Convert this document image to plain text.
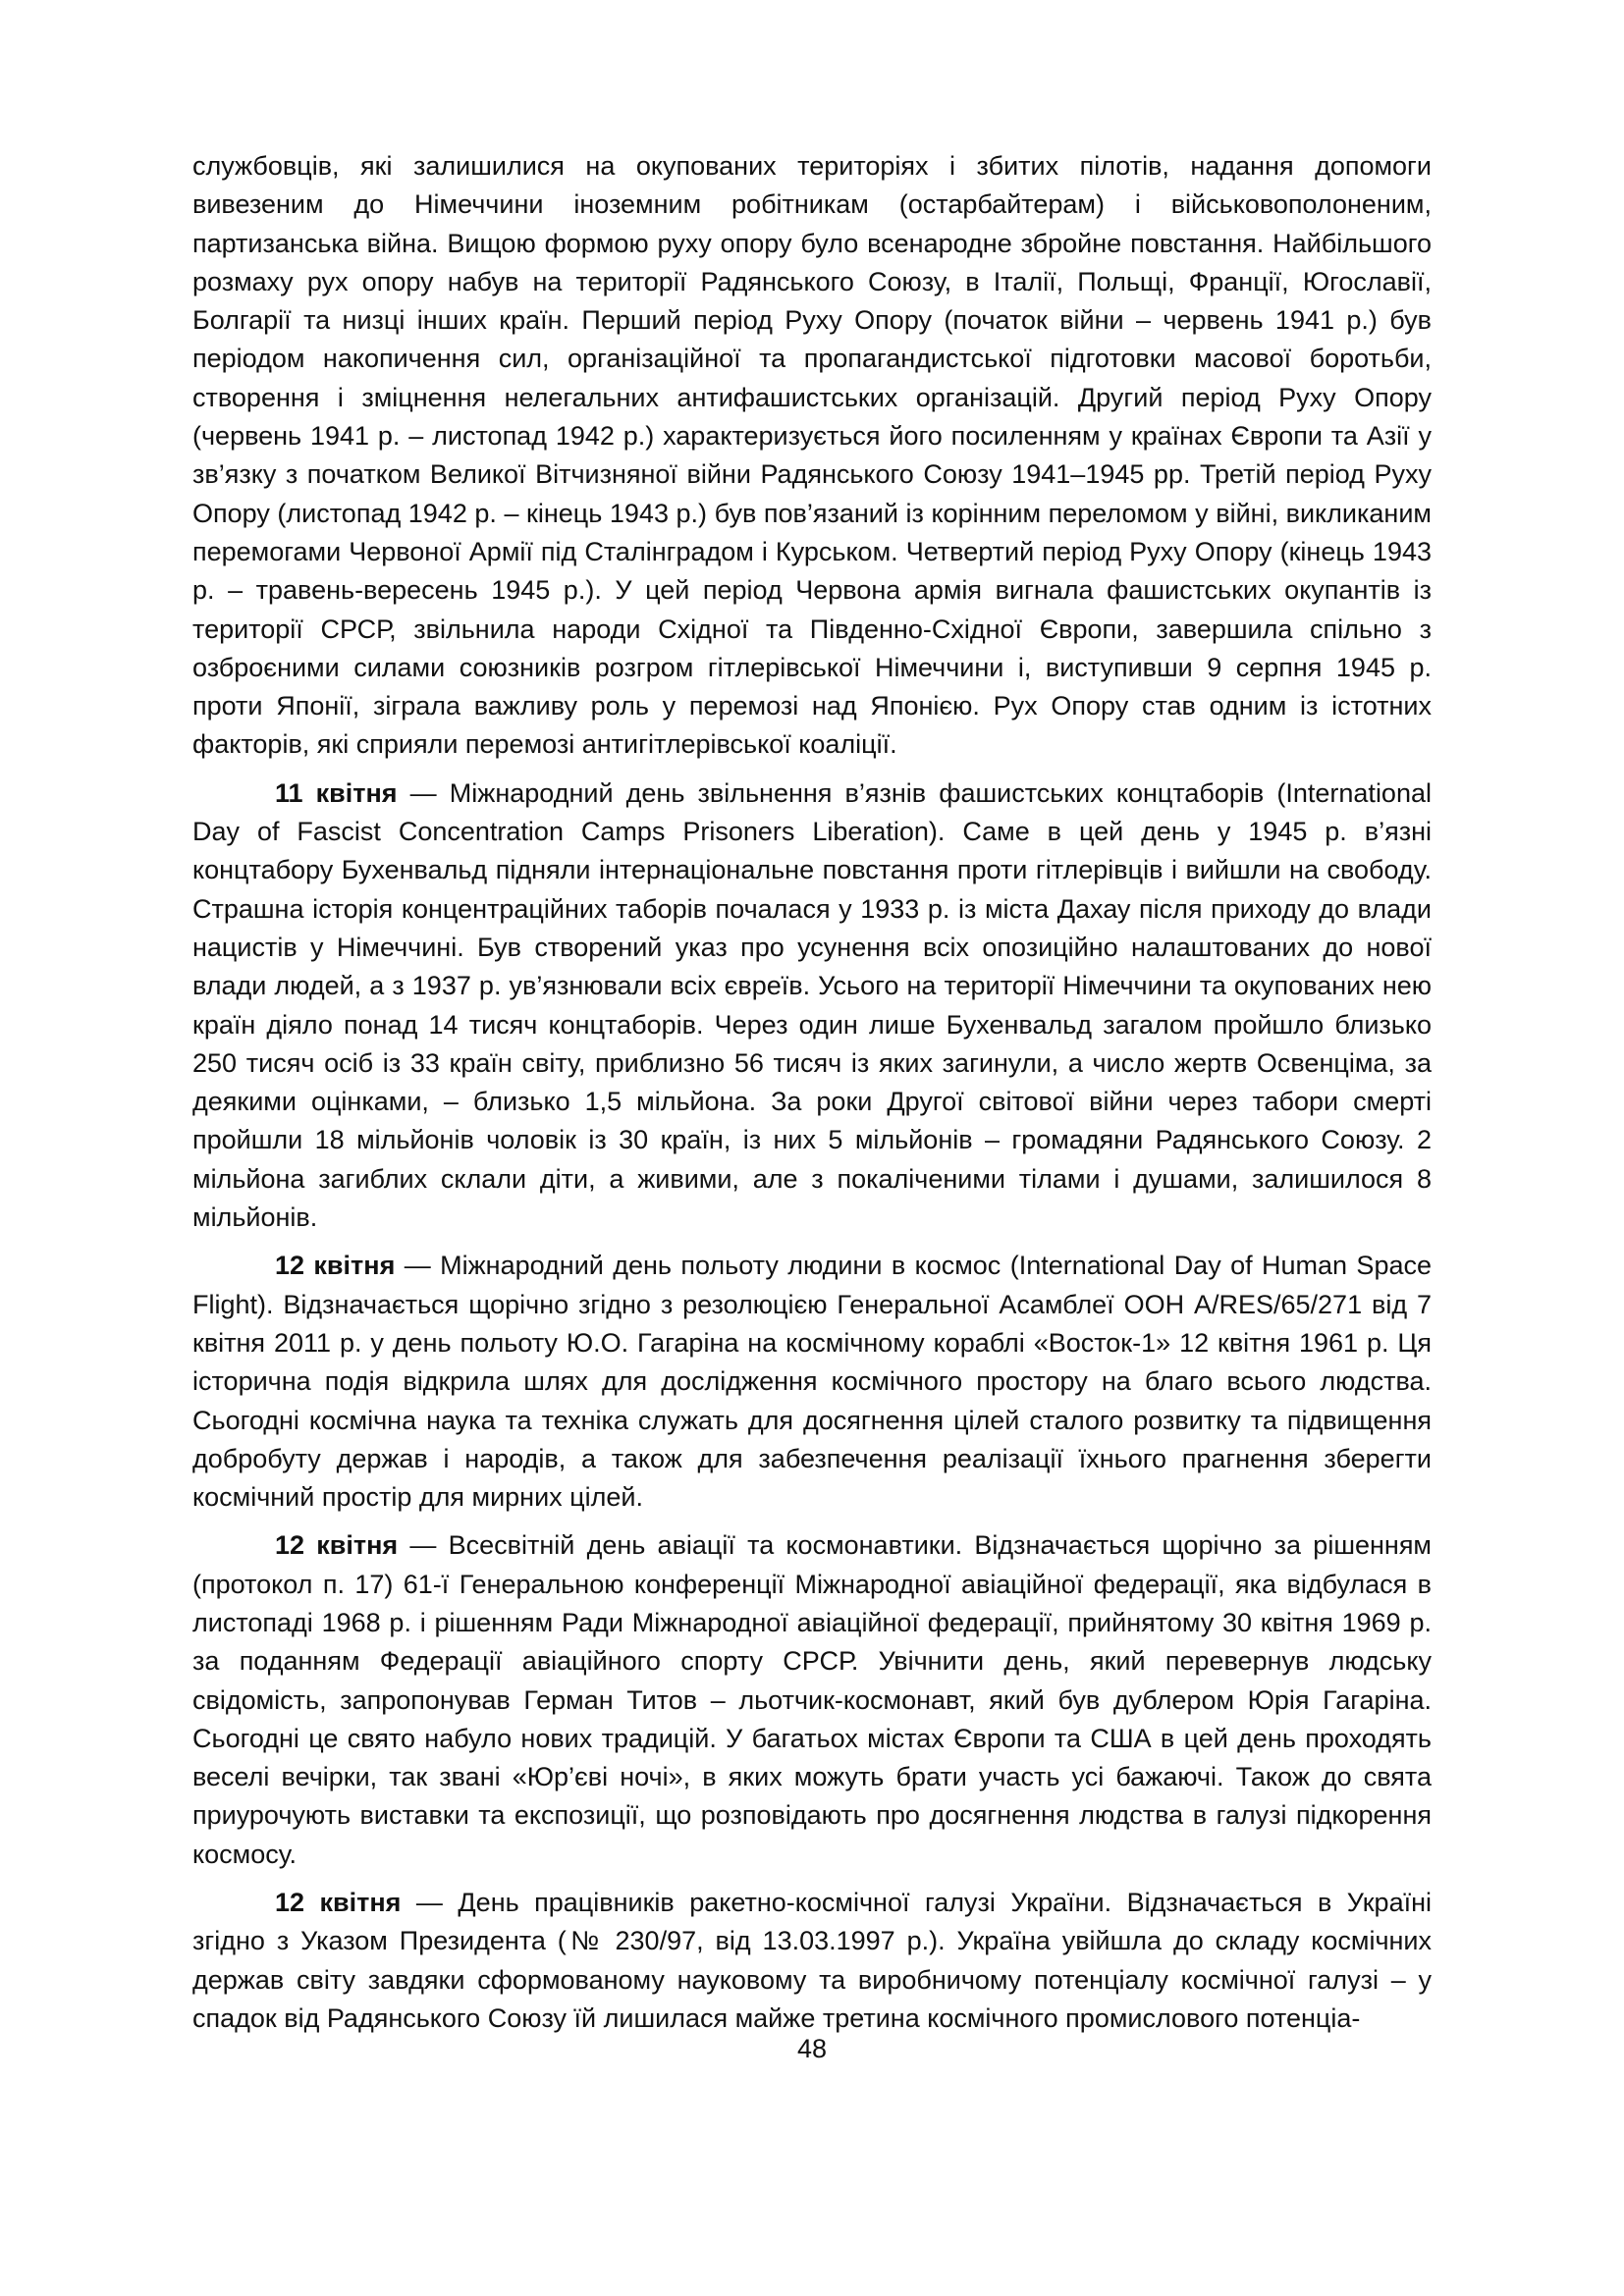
службовців, які залишилися на окупованих територіях і збитих пілотів, надання допомоги вивезеним до Німеччини іноземним робітникам (остарбайтерам) і військовополоненим, партизанська війна. Вищою формою руху опору було всенародне збройне повстання. Найбільшого розмаху рух опору набув на території Радянського Союзу, в Італії, Польщі, Франції, Югославії, Болгарії та низці інших країн. Перший період Руху Опору (початок війни – червень 1941 р.) був періодом накопичення сил, організаційної та пропагандистської підготовки масової боротьби, створення і зміцнення нелегальних антифашистських організацій. Другий період Руху Опору (червень 1941 р. – листопад 1942 р.) характеризується його посиленням у країнах Європи та Азії у зв’язку з початком Великої Вітчизняної війни Радянського Союзу 1941–1945 рр. Третій період Руху Опору (листопад 1942 р. – кінець 1943 р.) був пов’язаний із корінним переломом у війні, викликаним перемогами Червоної Армії під Сталінградом і Курськом. Четвертий період Руху Опору (кінець 1943 р. – травень-вересень 1945 р.). У цей період Червона армія вигнала фашистських окупантів із території СРСР, звільнила народи Східної та Південно-Східної Європи, завершила спільно з озброєними силами союзників розгром гітлерівської Німеччини і, виступивши 9 серпня 1945 р. проти Японії, зіграла важливу роль у перемозі над Японією. Рух Опору став одним із істотних факторів, які сприяли перемозі антигітлерівської коаліції.

11 квітня — Міжнародний день звільнення в’язнів фашистських концтаборів (International Day of Fascist Concentration Camps Prisoners Liberation). Саме в цей день у 1945 р. в’язні концтабору Бухенвальд підняли інтернаціональне повстання проти гітлерівців і вийшли на свободу. Страшна історія концентраційних таборів почалася у 1933 р. із міста Дахау після приходу до влади нацистів у Німеччині. Був створений указ про усунення всіх опозиційно налаштованих до нової влади людей, а з 1937 р. ув’язнювали всіх євреїв. Усього на території Німеччини та окупованих нею країн діяло понад 14 тисяч концтаборів. Через один лише Бухенвальд загалом пройшло близько 250 тисяч осіб із 33 країн світу, приблизно 56 тисяч із яких загинули, а число жертв Освенціма, за деякими оцінками, – близько 1,5 мільйона. За роки Другої світової війни через табори смерті пройшли 18 мільйонів чоловік із 30 країн, із них 5 мільйонів – громадяни Радянського Союзу. 2 мільйона загиблих склали діти, а живими, але з покаліченими тілами і душами, залишилося 8 мільйонів.

12 квітня — Міжнародний день польоту людини в космос (International Day of Human Space Flight). Відзначається щорічно згідно з резолюцією Генеральної Асамблеї ООН A/RES/65/271 від 7 квітня 2011 р. у день польоту Ю.О. Гагаріна на космічному кораблі «Восток-1» 12 квітня 1961 р. Ця історична подія відкрила шлях для дослідження космічного простору на благо всього людства. Сьогодні космічна наука та техніка служать для досягнення цілей сталого розвитку та підвищення добробуту держав і народів, а також для забезпечення реалізації їхнього прагнення зберегти космічний простір для мирних цілей.

12 квітня — Всесвітній день авіації та космонавтики. Відзначається щорічно за рішенням (протокол п. 17) 61-ї Генеральною конференції Міжнародної авіаційної федерації, яка відбулася в листопаді 1968 р. і рішенням Ради Міжнародної авіаційної федерації, прийнятому 30 квітня 1969 р. за поданням Федерації авіаційного спорту СРСР. Увічнити день, який перевернув людську свідомість, запропонував Герман Титов – льотчик-космонавт, який був дублером Юрія Гагаріна. Сьогодні це свято набуло нових традицій. У багатьох містах Європи та США в цей день проходять веселі вечірки, так звані «Юр’єві ночі», в яких можуть брати участь усі бажаючі. Також до свята приурочують виставки та експозиції, що розповідають про досягнення людства в галузі підкорення космосу.

12 квітня — День працівників ракетно-космічної галузі України. Відзначається в Україні згідно з Указом Президента (№ 230/97, від 13.03.1997 р.). Україна увійшла до складу космічних держав світу завдяки сформованому науковому та виробничому потенціалу космічної галузі – у спадок від Радянського Союзу їй лишилася майже третина космічного промислового потенціа-

48
